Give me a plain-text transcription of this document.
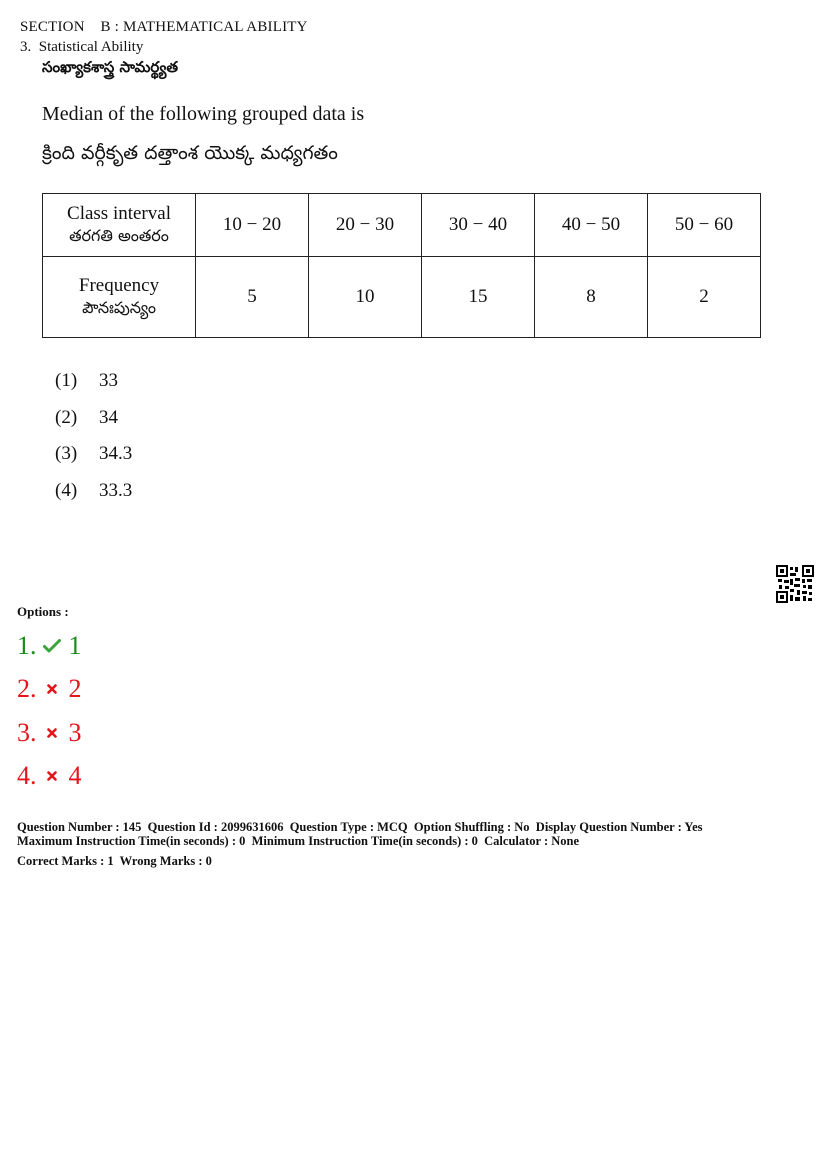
SECTION    B : MATHEMATICAL ABILITY
3.  Statistical Ability
సంఖ్యాకశాస్త్ర సామర్థ్యత
Median of the following grouped data is
క్రింది వర్గీకృత దత్తాంశ యొక్క మధ్యగతం
Class interval
తరగతి అంతరం	10 − 20	20 − 30	30 − 40	40 − 50	50 − 60

Frequency
పౌనఃపున్యం	5	10	15	8	2
(1)	33
(2)	34
(3)	34.3
(4)	33.3
Options :
1. 1
2. 2
3. 3
4. 4
Question Number : 145  Question Id : 2099631606  Question Type : MCQ  Option Shuffling : No  Display Question Number : Yes
Maximum Instruction Time(in seconds) : 0  Minimum Instruction Time(in seconds) : 0  Calculator : None
Correct Marks : 1  Wrong Marks : 0
